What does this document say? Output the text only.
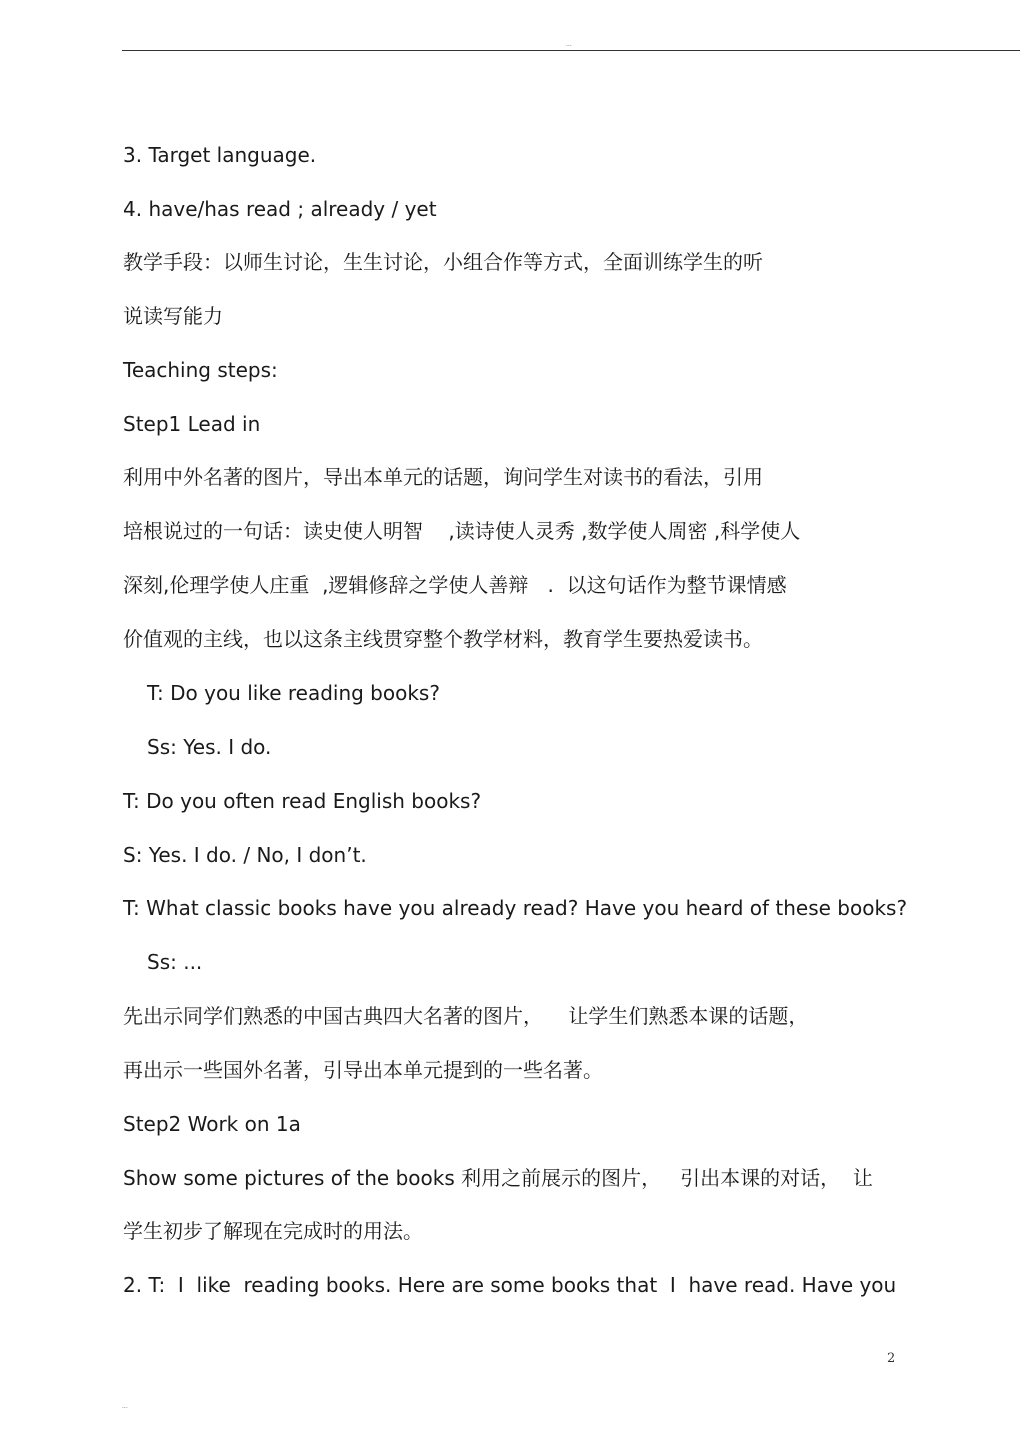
...
3. Target language.
4. have/has read ; already / yet
教学手段：以师生讨论，生生讨论，小组合作等方式，全面训练学生的听
说读写能力
Teaching steps:
Step1 Lead in
利用中外名著的图片，导出本单元的话题，询问学生对读书的看法，引用
培根说过的一句话：读史使人明智    ,读诗使人灵秀 ,数学使人周密 ,科学使人
深刻,伦理学使人庄重  ,逻辑修辞之学使人善辩   .  以这句话作为整节课情感
价值观的主线，也以这条主线贯穿整个教学材料，教育学生要热爱读书。
T: Do you like reading books?
Ss: Yes. I do.
T: Do you often read English books?
S: Yes. I do. / No, I don’t.
T: What classic books have you already read? Have you heard of these books?
Ss: ...
先出示同学们熟悉的中国古典四大名著的图片，    让学生们熟悉本课的话题，
再出示一些国外名著，引导出本单元提到的一些名著。
Step2 Work on 1a
Show some pictures of the books 利用之前展示的图片，   引出本课的对话，  让
学生初步了解现在完成时的用法。
2. T:  I  like  reading books. Here are some books that  I  have read. Have you
2
...
